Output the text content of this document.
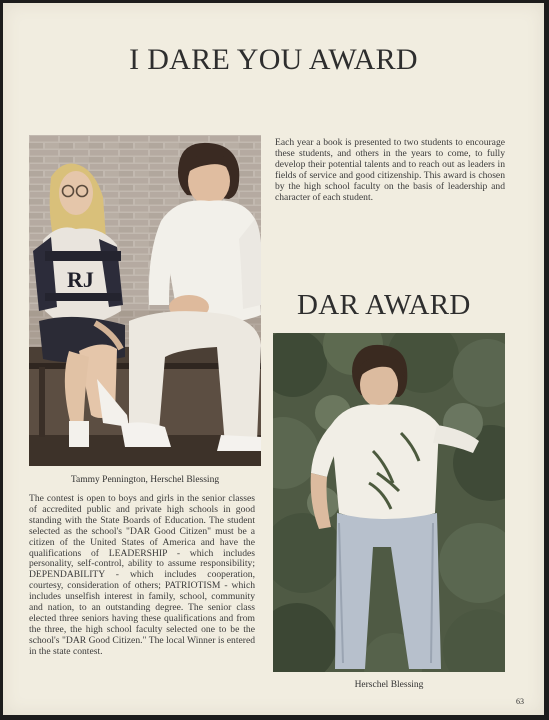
I DARE YOU AWARD
RJ

Tammy Pennington, Herschel Blessing

Each year a book is presented to two students to encourage these students, and others in the years to come, to fully develop their potential talents and to reach out as leaders in fields of service and good citizenship. This award is chosen by the high school faculty on the basis of leadership and character of each student.

DAR AWARD

Herschel Blessing

The contest is open to boys and girls in the senior classes of accredited public and private high schools in good standing with the State Boards of Education. The student selected as the school's "DAR Good Citizen" must be a citizen of the United States of America and have the qualifications of LEADERSHIP - which includes personality, self-control, ability to assume responsibility; DEPENDABILITY - which includes cooperation, courtesy, consideration of others; PATRIOTISM - which includes unselfish interest in family, school, community and nation, to an outstanding degree. The senior class elected three seniors having these qualifications and from the three, the high school faculty selected one to be the school's "DAR Good Citizen." The local Winner is entered in the state contest.

63
